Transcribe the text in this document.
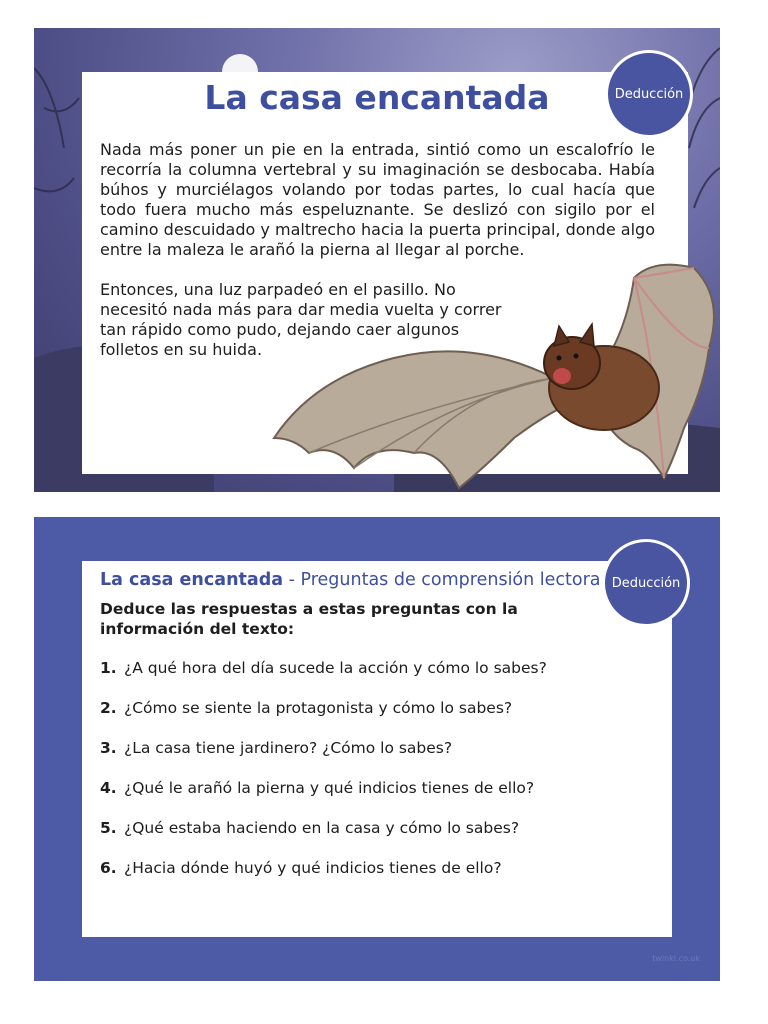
Deducción
La casa encantada

Nada más poner un pie en la entrada, sintió como un escalofrío le recorría la columna vertebral y su imaginación se desbocaba. Había búhos y murciélagos volando por todas partes, lo cual hacía que todo fuera mucho más espeluznante. Se deslizó con sigilo por el camino descuidado y maltrecho hacia la puerta principal, donde algo entre la maleza le arañó la pierna al llegar al porche.

Entonces, una luz parpadeó en el pasillo. No necesitó nada más para dar media vuelta y correr tan rápido como pudo, dejando caer algunos folletos en su huida.

Deducción
La casa encantada - Preguntas de comprensión lectora
Deduce las respuestas a estas preguntas con la información del texto:
1. ¿A qué hora del día sucede la acción y cómo lo sabes?
2. ¿Cómo se siente la protagonista y cómo lo sabes?
3. ¿La casa tiene jardinero? ¿Cómo lo sabes?
4. ¿Qué le arañó la pierna y qué indicios tienes de ello?
5. ¿Qué estaba haciendo en la casa y cómo lo sabes?
6. ¿Hacia dónde huyó y qué indicios tienes de ello?
twinkl.co.uk
